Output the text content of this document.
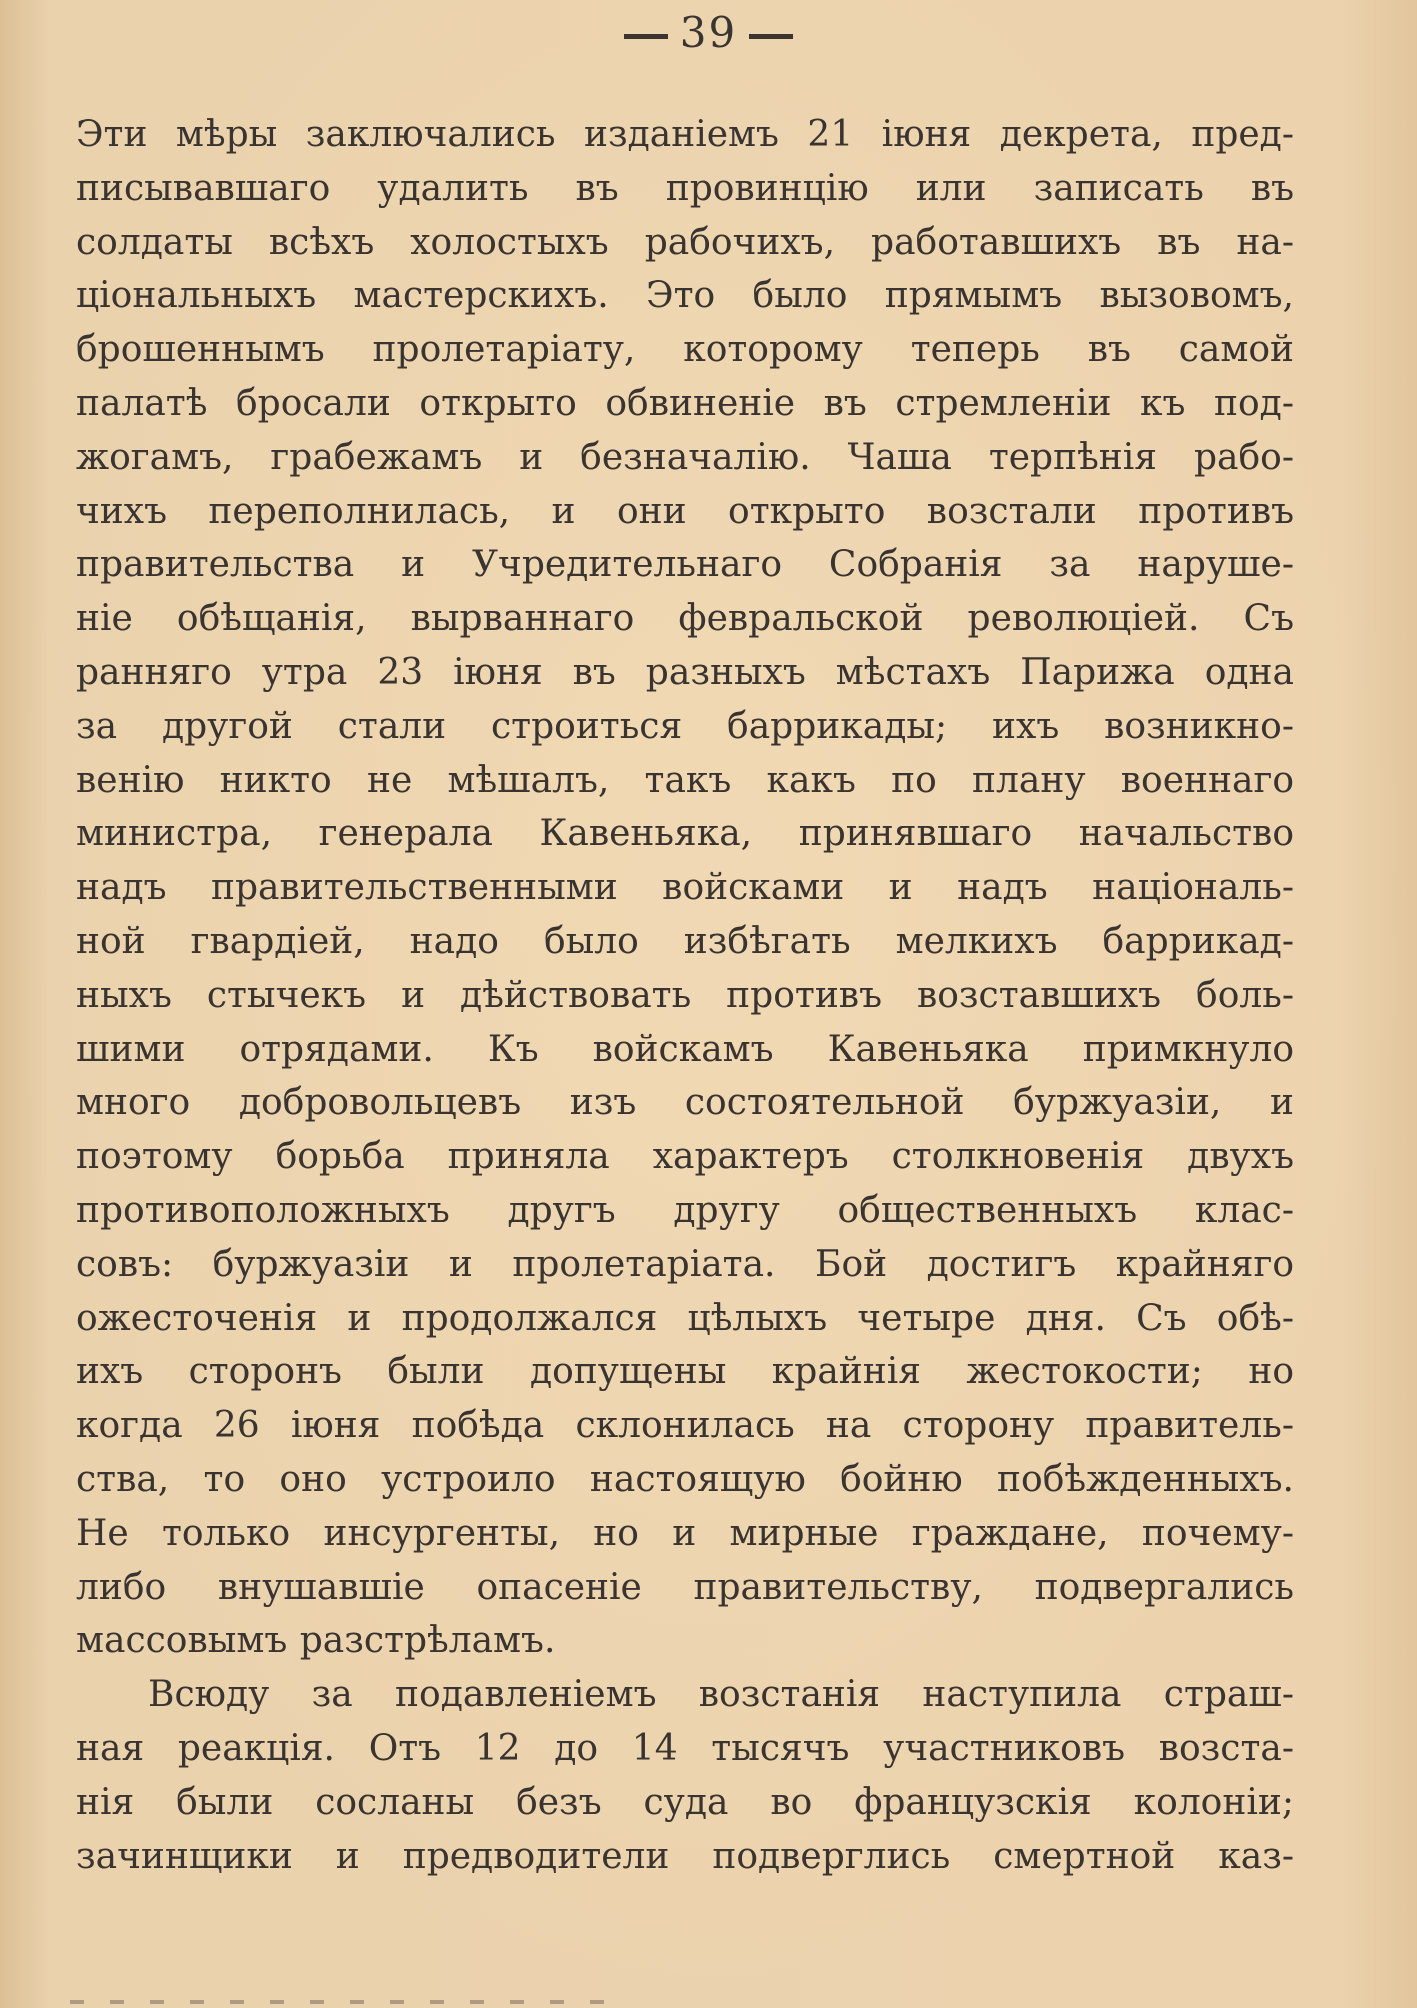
39
Эти мѣры заключались изданіемъ 21 іюня декрета, пред-
писывавшаго удалить въ провинцію или записать въ
солдаты всѣхъ холостыхъ рабочихъ, работавшихъ въ на-
ціональныхъ мастерскихъ. Это было прямымъ вызовомъ,
брошеннымъ пролетаріату, которому теперь въ самой
палатѣ бросали открыто обвиненіе въ стремленіи къ под-
жогамъ, грабежамъ и безначалію. Чаша терпѣнія рабо-
чихъ переполнилась, и они открыто возстали противъ
правительства и Учредительнаго Собранія за наруше-
ніе обѣщанія, вырваннаго февральской революціей. Съ
ранняго утра 23 іюня въ разныхъ мѣстахъ Парижа одна
за другой стали строиться баррикады; ихъ возникно-
венію никто не мѣшалъ, такъ какъ по плану военнаго
министра, генерала Кавеньяка, принявшаго начальство
надъ правительственными войсками и надъ національ-
ной гвардіей, надо было избѣгать мелкихъ баррикад-
ныхъ стычекъ и дѣйствовать противъ возставшихъ боль-
шими отрядами. Къ войскамъ Кавеньяка примкнуло
много добровольцевъ изъ состоятельной буржуазіи, и
поэтому борьба приняла характеръ столкновенія двухъ
противоположныхъ другъ другу общественныхъ клас-
совъ: буржуазіи и пролетаріата. Бой достигъ крайняго
ожесточенія и продолжался цѣлыхъ четыре дня. Съ обѣ-
ихъ сторонъ были допущены крайнія жестокости; но
когда 26 іюня побѣда склонилась на сторону правитель-
ства, то оно устроило настоящую бойню побѣжденныхъ.
Не только инсургенты, но и мирные граждане, почему-
либо внушавшіе опасеніе правительству, подвергались
массовымъ разстрѣламъ.
Всюду за подавленіемъ возстанія наступила страш-
ная реакція. Отъ 12 до 14 тысячъ участниковъ возста-
нія были сосланы безъ суда во французскія колоніи;
зачинщики и предводители подверглись смертной каз-
